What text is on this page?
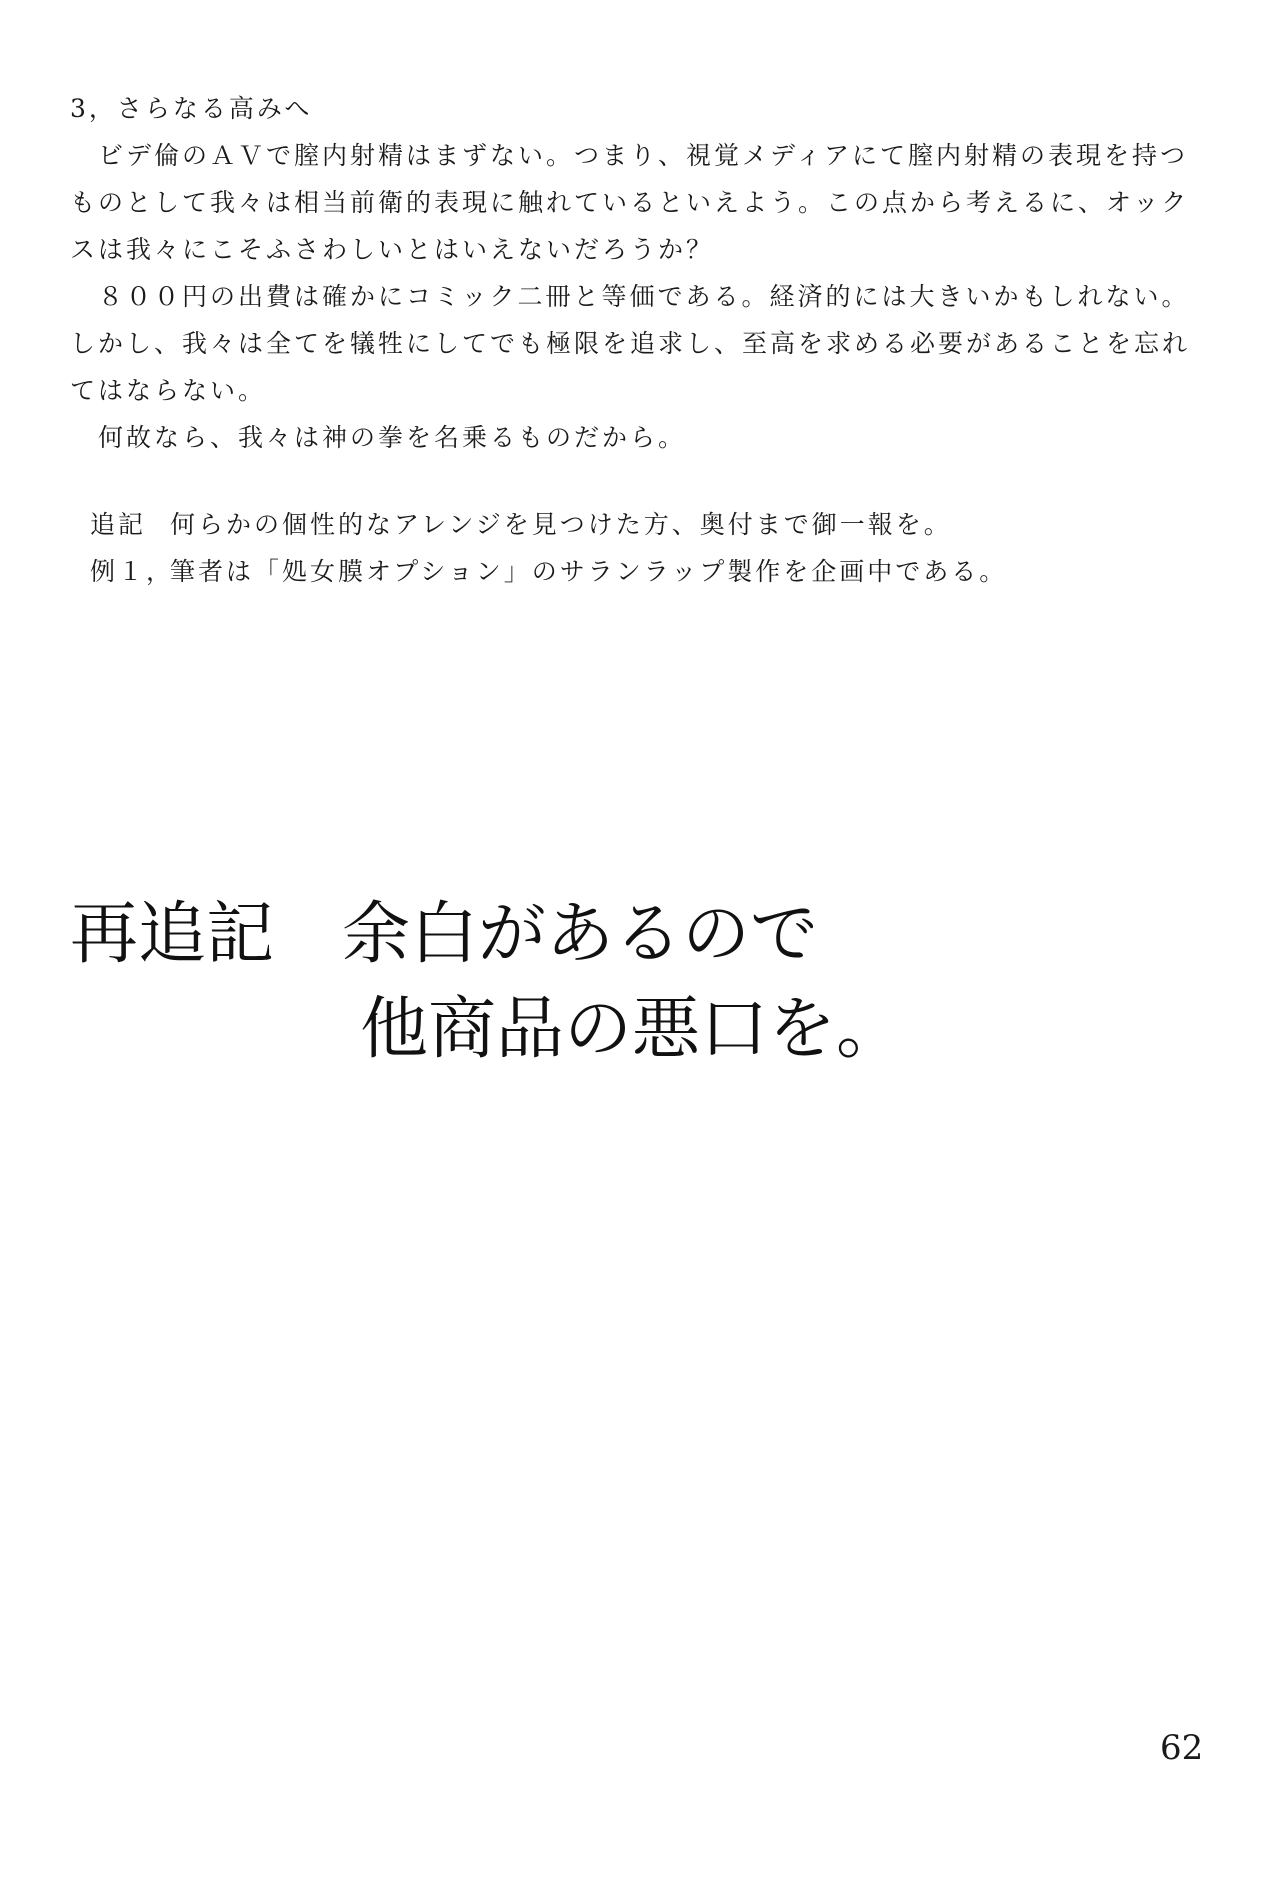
3，さらなる高みへ

ビデ倫のＡＶで膣内射精はまずない。つまり、視覚メディアにて膣内射精の表現を持つものとして我々は相当前衛的表現に触れているといえよう。この点から考えるに、オックスは我々にこそふさわしいとはいえないだろうか？

８００円の出費は確かにコミック二冊と等価である。経済的には大きいかもしれない。しかし、我々は全てを犠牲にしてでも極限を追求し、至高を求める必要があることを忘れてはならない。

何故なら、我々は神の拳を名乗るものだから。

追記 何らかの個性的なアレンジを見つけた方、奥付まで御一報を。

例１，
筆者は「処女膜オプション」のサランラップ製作を企画中である。

再追記　余白があるので
他商品の悪口を。
62
